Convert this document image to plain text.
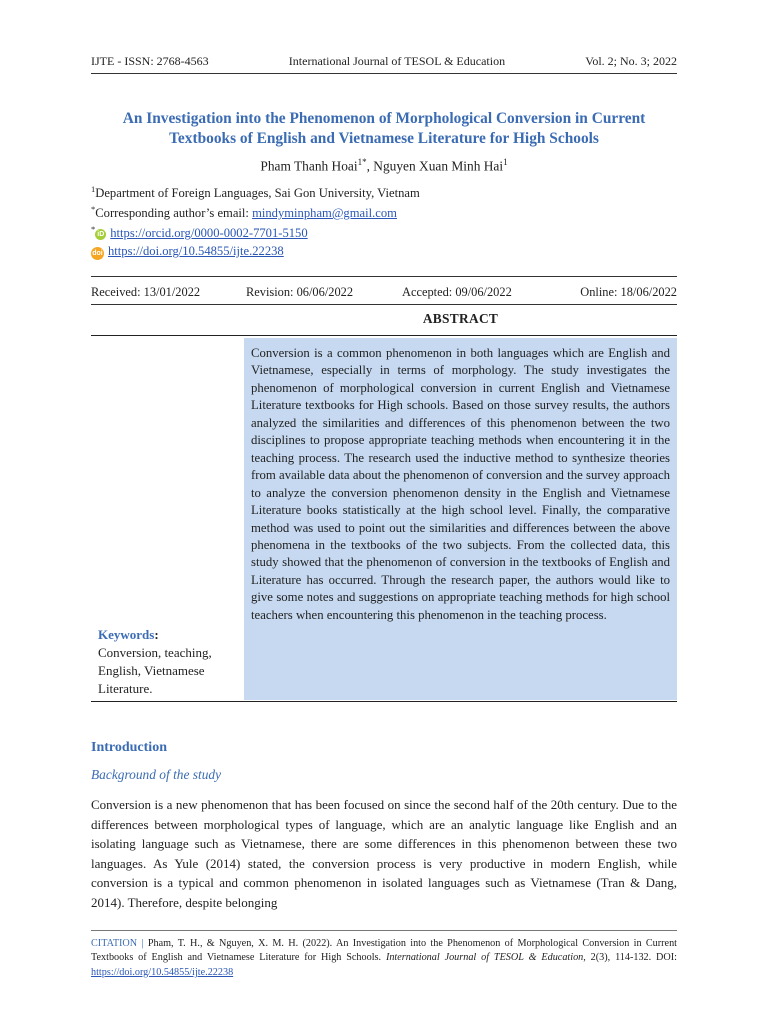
IJTE - ISSN: 2768-4563	International Journal of TESOL & Education	Vol. 2; No. 3; 2022
An Investigation into the Phenomenon of Morphological Conversion in Current
Textbooks of English and Vietnamese Literature for High Schools
Pham Thanh Hoai$^{1*}$, Nguyen Xuan Minh Hai$^1$
$^1$Department of Foreign Languages, Sai Gon University, Vietnam
*Corresponding author’s email: mindyminpham@gmail.com
*iD https://orcid.org/0000-0002-7701-5150
doi https://doi.org/10.54855/ijte.22238
Received: 13/01/2022	Revision: 06/06/2022	Accepted: 09/06/2022	Online: 18/06/2022
ABSTRACT
Conversion is a common phenomenon in both languages which are English and Vietnamese, especially in terms of morphology. The study investigates the phenomenon of morphological conversion in current English and Vietnamese Literature textbooks for High schools. Based on those survey results, the authors analyzed the similarities and differences of this phenomenon between the two disciplines to propose appropriate teaching methods when encountering it in the teaching process. The research used the inductive method to synthesize theories from available data about the phenomenon of conversion and the survey approach to analyze the conversion phenomenon density in the English and Vietnamese Literature books statistically at the high school level. Finally, the comparative method was used to point out the similarities and differences between the above phenomena in the textbooks of the two subjects. From the collected data, this study showed that the phenomenon of conversion in the textbooks of English and Literature has occurred. Through the research paper, the authors would like to give some notes and suggestions on appropriate teaching methods for high school teachers when encountering this phenomenon in the teaching process.
Keywords:
Conversion, teaching, English, Vietnamese Literature.
Introduction
Background of the study
Conversion is a new phenomenon that has been focused on since the second half of the 20th century. Due to the differences between morphological types of language, which are an analytic language like English and an isolating language such as Vietnamese, there are some differences in this phenomenon between these two languages. As Yule (2014) stated, the conversion process is very productive in modern English, while conversion is a typical and common phenomenon in isolated languages such as Vietnamese (Tran & Dang, 2014). Therefore, despite belonging
CITATION | Pham, T. H., & Nguyen, X. M. H. (2022). An Investigation into the Phenomenon of Morphological Conversion in Current Textbooks of English and Vietnamese Literature for High Schools. International Journal of TESOL & Education, 2(3), 114-132. DOI: https://doi.org/10.54855/ijte.22238
